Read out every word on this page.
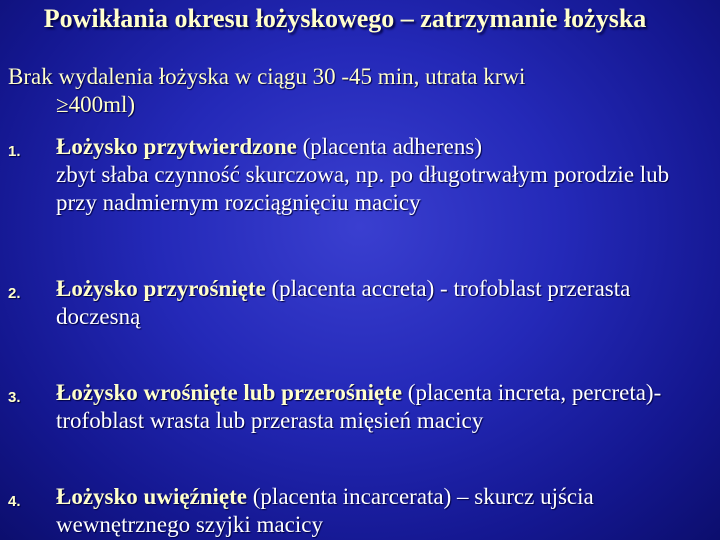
Powikłania okresu łożyskowego – zatrzymanie łożyska
Brak wydalenia łożyska w ciągu 30 -45 min, utrata krwi
≥400ml)
1. Łożysko przytwierdzone (placenta adherens)
zbyt słaba czynność skurczowa, np. po długotrwałym porodzie lub przy nadmiernym rozciągnięciu macicy
2. Łożysko przyrośnięte (placenta accreta) - trofoblast przerasta doczesną
3. Łożysko wrośnięte lub przerośnięte (placenta increta, percreta)- trofoblast wrasta lub przerasta mięsień macicy
4. Łożysko uwięźnięte (placenta incarcerata) – skurcz ujścia wewnętrznego szyjki macicy
